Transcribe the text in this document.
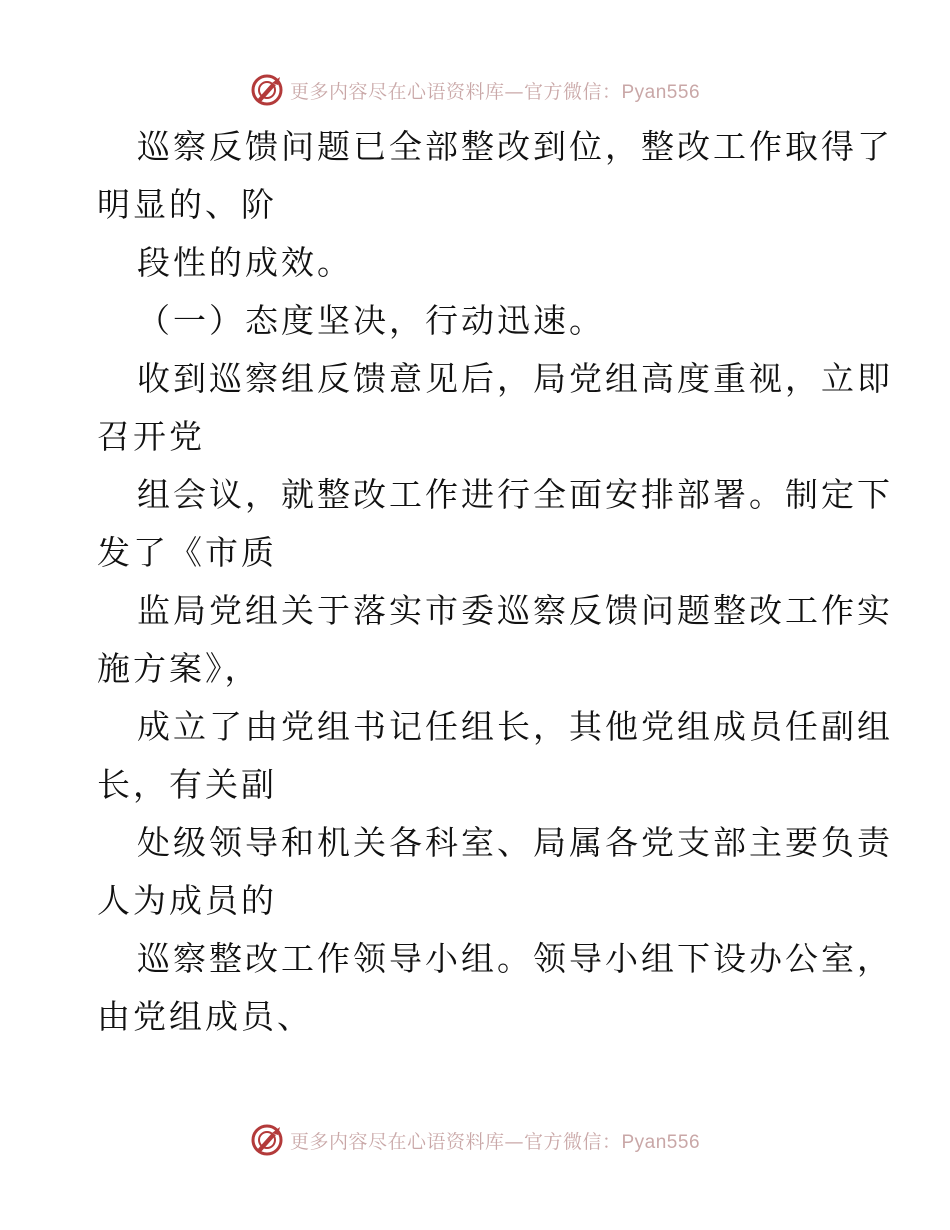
更多内容尽在心语资料库—官方微信：Pyan556
巡察反馈问题已全部整改到位，整改工作取得了
明显的、阶
段性的成效。
（一）态度坚决，行动迅速。
收到巡察组反馈意见后，局党组高度重视，立即
召开党
组会议，就整改工作进行全面安排部署。制定下
发了《市质
监局党组关于落实市委巡察反馈问题整改工作实
施方案》，
成立了由党组书记任组长，其他党组成员任副组
长，有关副
处级领导和机关各科室、局属各党支部主要负责
人为成员的
巡察整改工作领导小组。领导小组下设办公室，
由党组成员、
更多内容尽在心语资料库—官方微信：Pyan556
